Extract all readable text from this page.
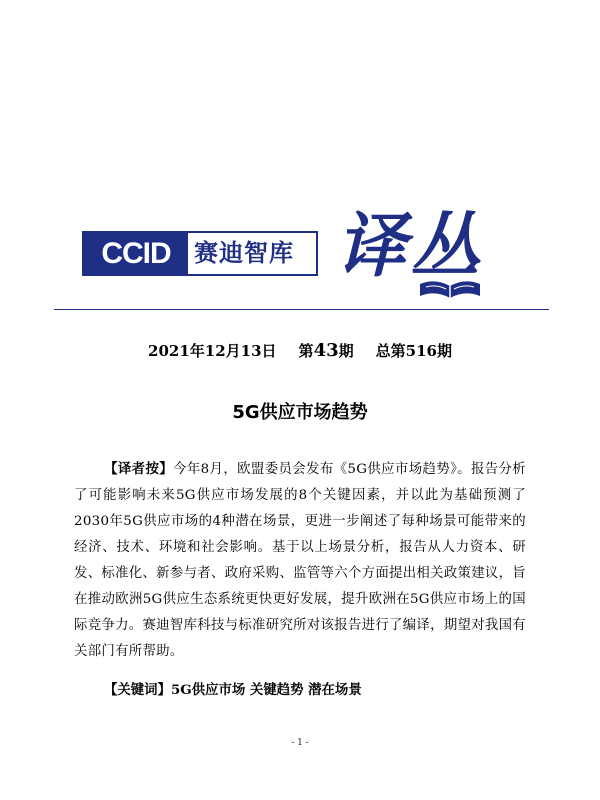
CCID 赛迪智库 译丛
2021年12月13日 第43期 总第516期
5G供应市场趋势
【译者按】今年8月，欧盟委员会发布《5G供应市场趋势》。报告分析了可能影响未来5G供应市场发展的8个关键因素，并以此为基础预测了2030年5G供应市场的4种潜在场景，更进一步阐述了每种场景可能带来的经济、技术、环境和社会影响。基于以上场景分析，报告从人力资本、研发、标准化、新参与者、政府采购、监管等六个方面提出相关政策建议，旨在推动欧洲5G供应生态系统更快更好发展，提升欧洲在5G供应市场上的国际竞争力。赛迪智库科技与标准研究所对该报告进行了编译，期望对我国有关部门有所帮助。
【关键词】5G供应市场 关键趋势 潜在场景
- 1 -
